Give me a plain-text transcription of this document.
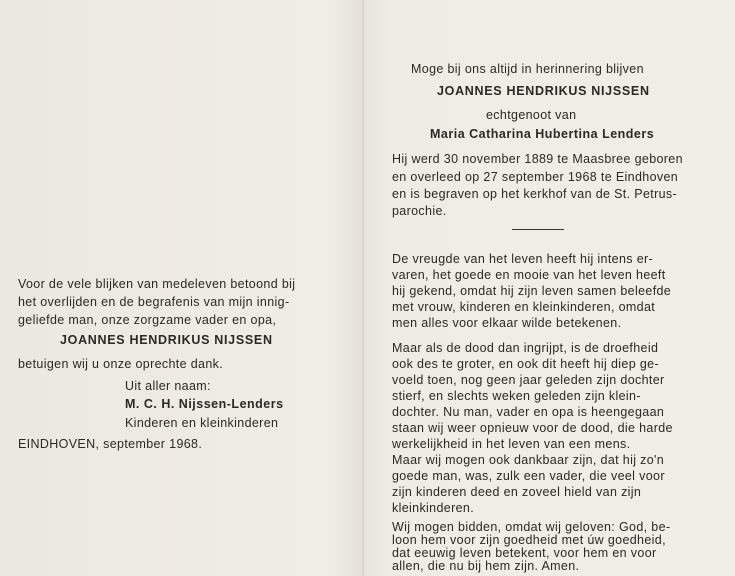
Voor de vele blijken van medeleven betoond bij
het overlijden en de begrafenis van mijn innig-
geliefde man, onze zorgzame vader en opa,
JOANNES HENDRIKUS NIJSSEN
betuigen wij u onze oprechte dank.
Uit aller naam:
M. C. H. Nijssen-Lenders
Kinderen en kleinkinderen
EINDHOVEN, september 1968.
Moge bij ons altijd in herinnering blijven
JOANNES HENDRIKUS NIJSSEN
echtgenoot van
Maria Catharina Hubertina Lenders
Hij werd 30 november 1889 te Maasbree geboren
en overleed op 27 september 1968 te Eindhoven
en is begraven op het kerkhof van de St. Petrus-
parochie.
De vreugde van het leven heeft hij intens er-
varen, het goede en mooie van het leven heeft
hij gekend, omdat hij zijn leven samen beleefde
met vrouw, kinderen en kleinkinderen, omdat
men alles voor elkaar wilde betekenen.
Maar als de dood dan ingrijpt, is de droefheid
ook des te groter, en ook dit heeft hij diep ge-
voeld toen, nog geen jaar geleden zijn dochter
stierf, en slechts weken geleden zijn klein-
dochter. Nu man, vader en opa is heengegaan
staan wij weer opnieuw voor de dood, die harde
werkelijkheid in het leven van een mens.
Maar wij mogen ook dankbaar zijn, dat hij zo'n
goede man, was, zulk een vader, die veel voor
zijn kinderen deed en zoveel hield van zijn
kleinkinderen.
Wij mogen bidden, omdat wij geloven: God, be-
loon hem voor zijn goedheid met úw goedheid,
dat eeuwig leven betekent, voor hem en voor
allen, die nu bij hem zijn. Amen.
